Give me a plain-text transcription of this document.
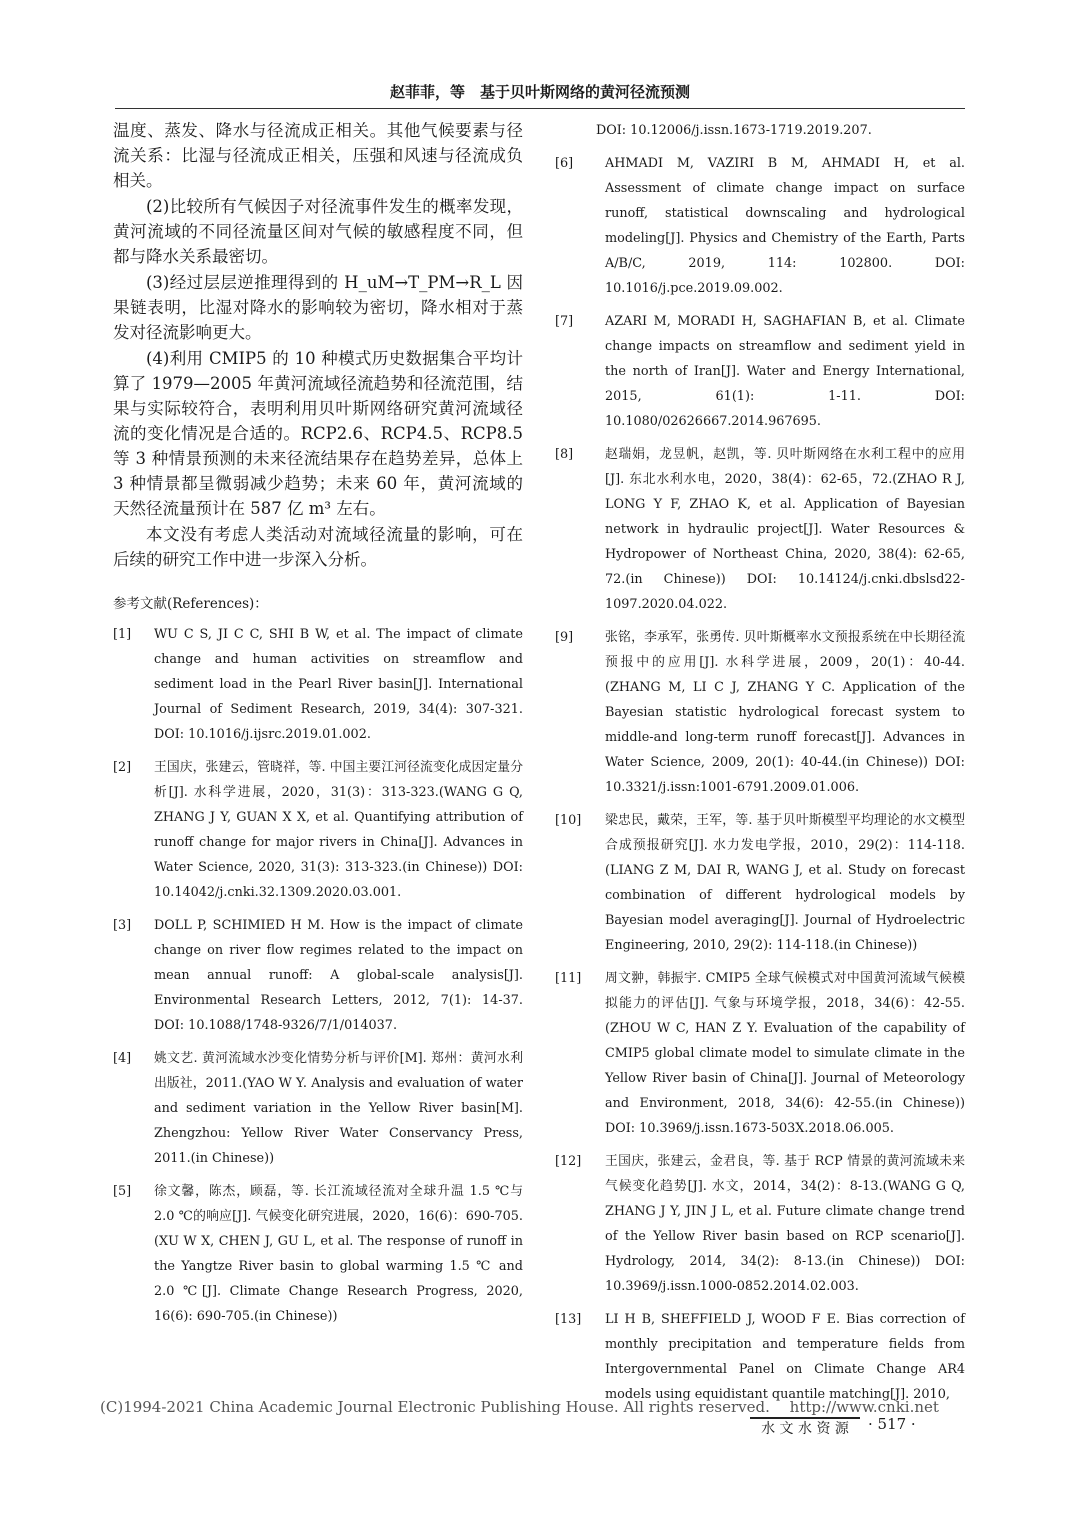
赵菲菲，等　基于贝叶斯网络的黄河径流预测

温度、蒸发、降水与径流成正相关。其他气候要素与径流关系：比湿与径流成正相关，压强和风速与径流成负相关。

(2)比较所有气候因子对径流事件发生的概率发现，黄河流域的不同径流量区间对气候的敏感程度不同，但都与降水关系最密切。

(3)经过层层逆推理得到的 H_uM→T_PM→R_L 因果链表明，比湿对降水的影响较为密切，降水相对于蒸发对径流影响更大。

(4)利用 CMIP5 的 10 种模式历史数据集合平均计算了 1979—2005 年黄河流域径流趋势和径流范围，结果与实际较符合，表明利用贝叶斯网络研究黄河流域径流的变化情况是合适的。RCP2.6、RCP4.5、RCP8.5 等 3 种情景预测的未来径流结果存在趋势差异，总体上 3 种情景都呈微弱减少趋势；未来 60 年，黄河流域的天然径流量预计在 587 亿 m³ 左右。

本文没有考虑人类活动对流域径流量的影响，可在后续的研究工作中进一步深入分析。

参考文献(References)：
[1] WU C S, JI C C, SHI B W, et al. The impact of climate change and human activities on streamflow and sediment load in the Pearl River basin[J]. International Journal of Sediment Research, 2019, 34(4): 307-321. DOI: 10.1016/j.ijsrc.2019.01.002.
[2] 王国庆，张建云，管晓祥，等. 中国主要江河径流变化成因定量分析[J]. 水科学进展，2020，31(3)：313-323.(WANG G Q, ZHANG J Y, GUAN X X, et al. Quantifying attribution of runoff change for major rivers in China[J]. Advances in Water Science, 2020, 31(3): 313-323.(in Chinese)) DOI: 10.14042/j.cnki.32.1309.2020.03.001.
[3] DOLL P, SCHIMIED H M. How is the impact of climate change on river flow regimes related to the impact on mean annual runoff: A global-scale analysis[J]. Environmental Research Letters, 2012, 7(1): 14-37. DOI: 10.1088/1748-9326/7/1/014037.
[4] 姚文艺. 黄河流域水沙变化情势分析与评价[M]. 郑州：黄河水利出版社，2011.(YAO W Y. Analysis and evaluation of water and sediment variation in the Yellow River basin[M]. Zhengzhou: Yellow River Water Conservancy Press, 2011.(in Chinese))
[5] 徐文馨，陈杰，顾磊，等. 长江流域径流对全球升温 1.5 ℃与 2.0 ℃的响应[J]. 气候变化研究进展，2020，16(6)：690-705.(XU W X, CHEN J, GU L, et al. The response of runoff in the Yangtze River basin to global warming 1.5 ℃ and 2.0 ℃[J]. Climate Change Research Progress, 2020, 16(6): 690-705.(in Chinese))
DOI: 10.12006/j.issn.1673-1719.2019.207.
[6] AHMADI M, VAZIRI B M, AHMADI H, et al. Assessment of climate change impact on surface runoff, statistical downscaling and hydrological modeling[J]. Physics and Chemistry of the Earth, Parts A/B/C, 2019, 114: 102800. DOI: 10.1016/j.pce.2019.09.002.
[7] AZARI M, MORADI H, SAGHAFIAN B, et al. Climate change impacts on streamflow and sediment yield in the north of Iran[J]. Water and Energy International, 2015, 61(1): 1-11. DOI: 10.1080/02626667.2014.967695.
[8] 赵瑞娟，龙昱帆，赵凯，等. 贝叶斯网络在水利工程中的应用[J]. 东北水利水电，2020，38(4)：62-65，72.(ZHAO R J, LONG Y F, ZHAO K, et al. Application of Bayesian network in hydraulic project[J]. Water Resources & Hydropower of Northeast China, 2020, 38(4): 62-65, 72.(in Chinese)) DOI: 10.14124/j.cnki.dbslsd22-1097.2020.04.022.
[9] 张铭，李承军，张勇传. 贝叶斯概率水文预报系统在中长期径流预报中的应用[J]. 水科学进展，2009，20(1)：40-44.(ZHANG M, LI C J, ZHANG Y C. Application of the Bayesian statistic hydrological forecast system to middle-and long-term runoff forecast[J]. Advances in Water Science, 2009, 20(1): 40-44.(in Chinese)) DOI: 10.3321/j.issn:1001-6791.2009.01.006.
[10] 梁忠民，戴荣，王军，等. 基于贝叶斯模型平均理论的水文模型合成预报研究[J]. 水力发电学报，2010，29(2)：114-118.(LIANG Z M, DAI R, WANG J, et al. Study on forecast combination of different hydrological models by Bayesian model averaging[J]. Journal of Hydroelectric Engineering, 2010, 29(2): 114-118.(in Chinese))
[11] 周文翀，韩振宇. CMIP5 全球气候模式对中国黄河流域气候模拟能力的评估[J]. 气象与环境学报，2018，34(6)：42-55.(ZHOU W C, HAN Z Y. Evaluation of the capability of CMIP5 global climate model to simulate climate in the Yellow River basin of China[J]. Journal of Meteorology and Environment, 2018, 34(6): 42-55.(in Chinese)) DOI: 10.3969/j.issn.1673-503X.2018.06.005.
[12] 王国庆，张建云，金君良，等. 基于 RCP 情景的黄河流域未来气候变化趋势[J]. 水文，2014，34(2)：8-13.(WANG G Q, ZHANG J Y, JIN J L, et al. Future climate change trend of the Yellow River basin based on RCP scenario[J]. Hydrology, 2014, 34(2): 8-13.(in Chinese)) DOI: 10.3969/j.issn.1000-0852.2014.02.003.
[13] LI H B, SHEFFIELD J, WOOD F E. Bias correction of monthly precipitation and temperature fields from Intergovernmental Panel on Climate Change AR4 models using equidistant quantile matching[J]. 2010,
(C)1994-2021 China Academic Journal Electronic Publishing House. All rights reserved.　 http://www.cnki.net
水 文 水 资 源	· 517 ·
